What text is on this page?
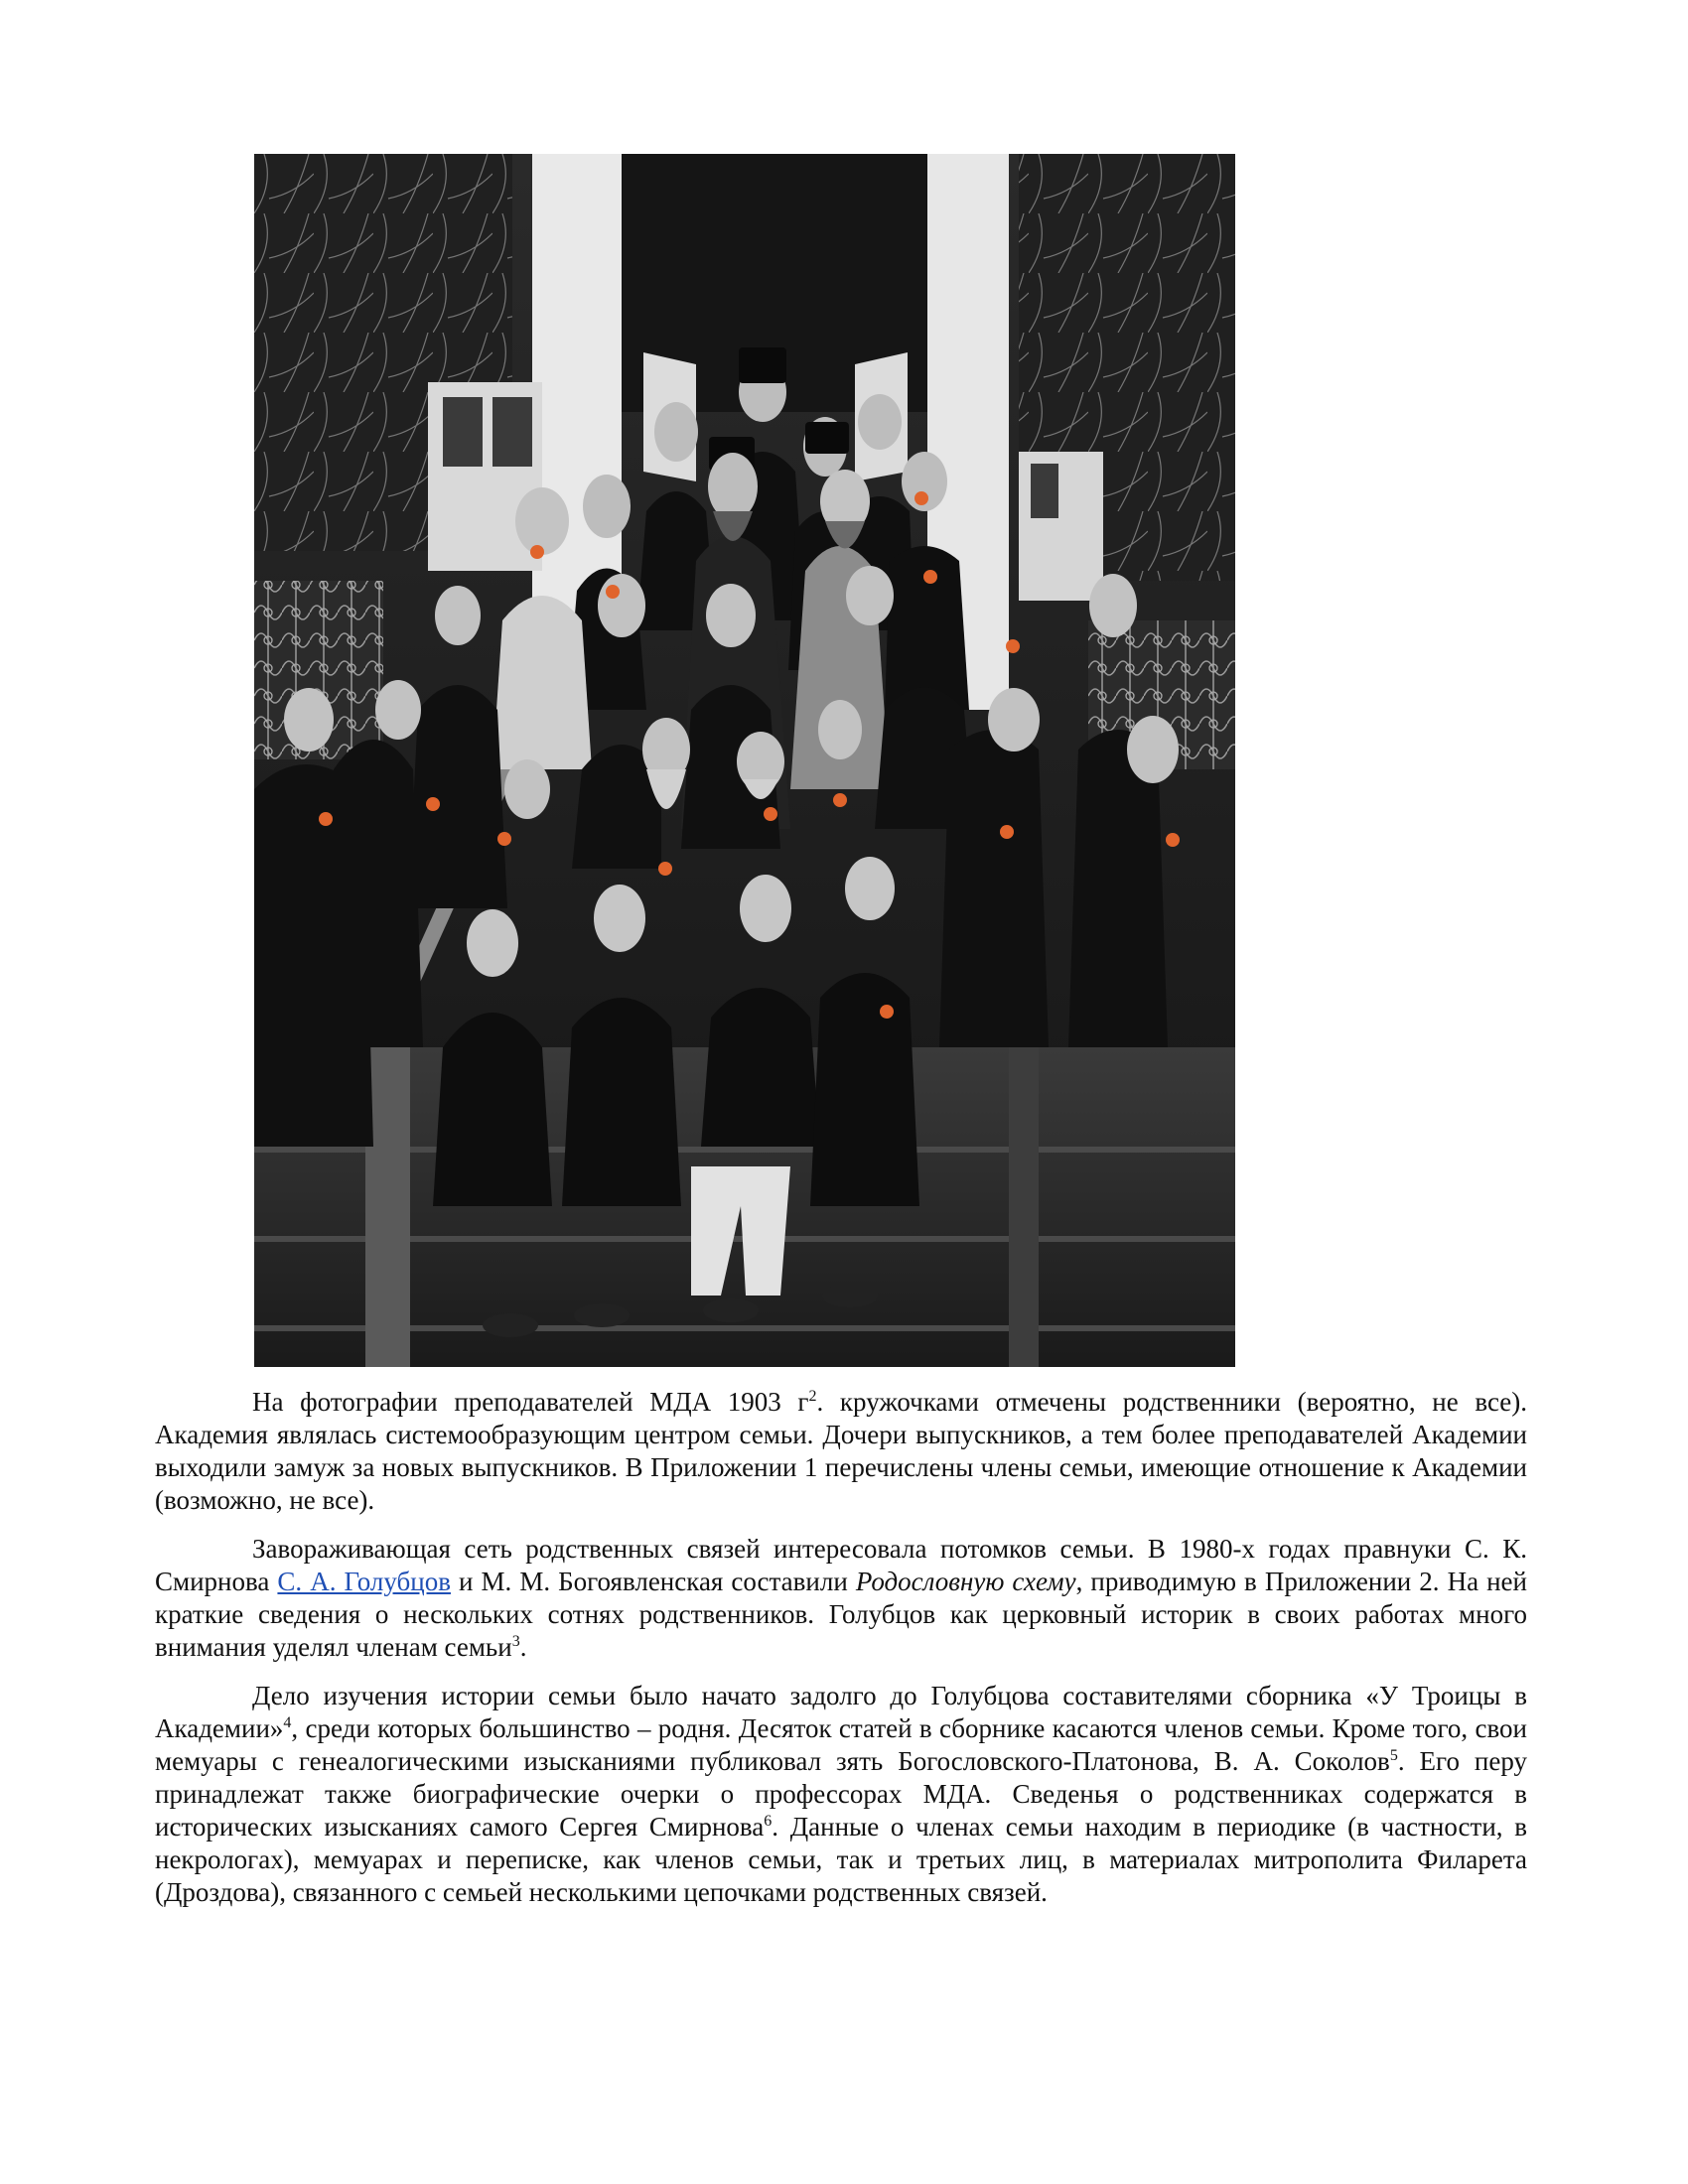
На фотографии преподавателей МДА 1903 $г^2$. кружочками отмечены родственники (вероятно, не все). Академия являлась системообразующим центром семьи. Дочери выпускников, а тем более преподавателей Академии выходили замуж за новых выпускников. В Приложении 1 перечислены члены семьи, имеющие отношение к Академии (возможно, не все).

Завораживающая сеть родственных связей интересовала потомков семьи. В 1980-х годах правнуки С. К. Смирнова С. А. Голубцов и М. М. Богоявленская составили Родословную схему, приводимую в Приложении 2. На ней краткие сведения о нескольких сотнях родственников. Голубцов как церковный историк в своих работах много внимания уделял членам семьи$^3$.

Дело изучения истории семьи было начато задолго до Голубцова составителями сборника «У Троицы в Академии»$^4$, среди которых большинство – родня. Десяток статей в сборнике касаются членов семьи. Кроме того, свои мемуары с генеалогическими изысканиями публиковал зять Богословского-Платонова, В. А. Соколов$^5$. Его перу принадлежат также биографические очерки о профессорах МДА. Сведенья о родственниках содержатся в исторических изысканиях самого Сергея Смирнова$^6$. Данные о членах семьи находим в периодике (в частности, в некрологах), мемуарах и переписке, как членов семьи, так и третьих лиц, в материалах митрополита Филарета (Дроздова), связанного с семьей несколькими цепочками родственных связей.
